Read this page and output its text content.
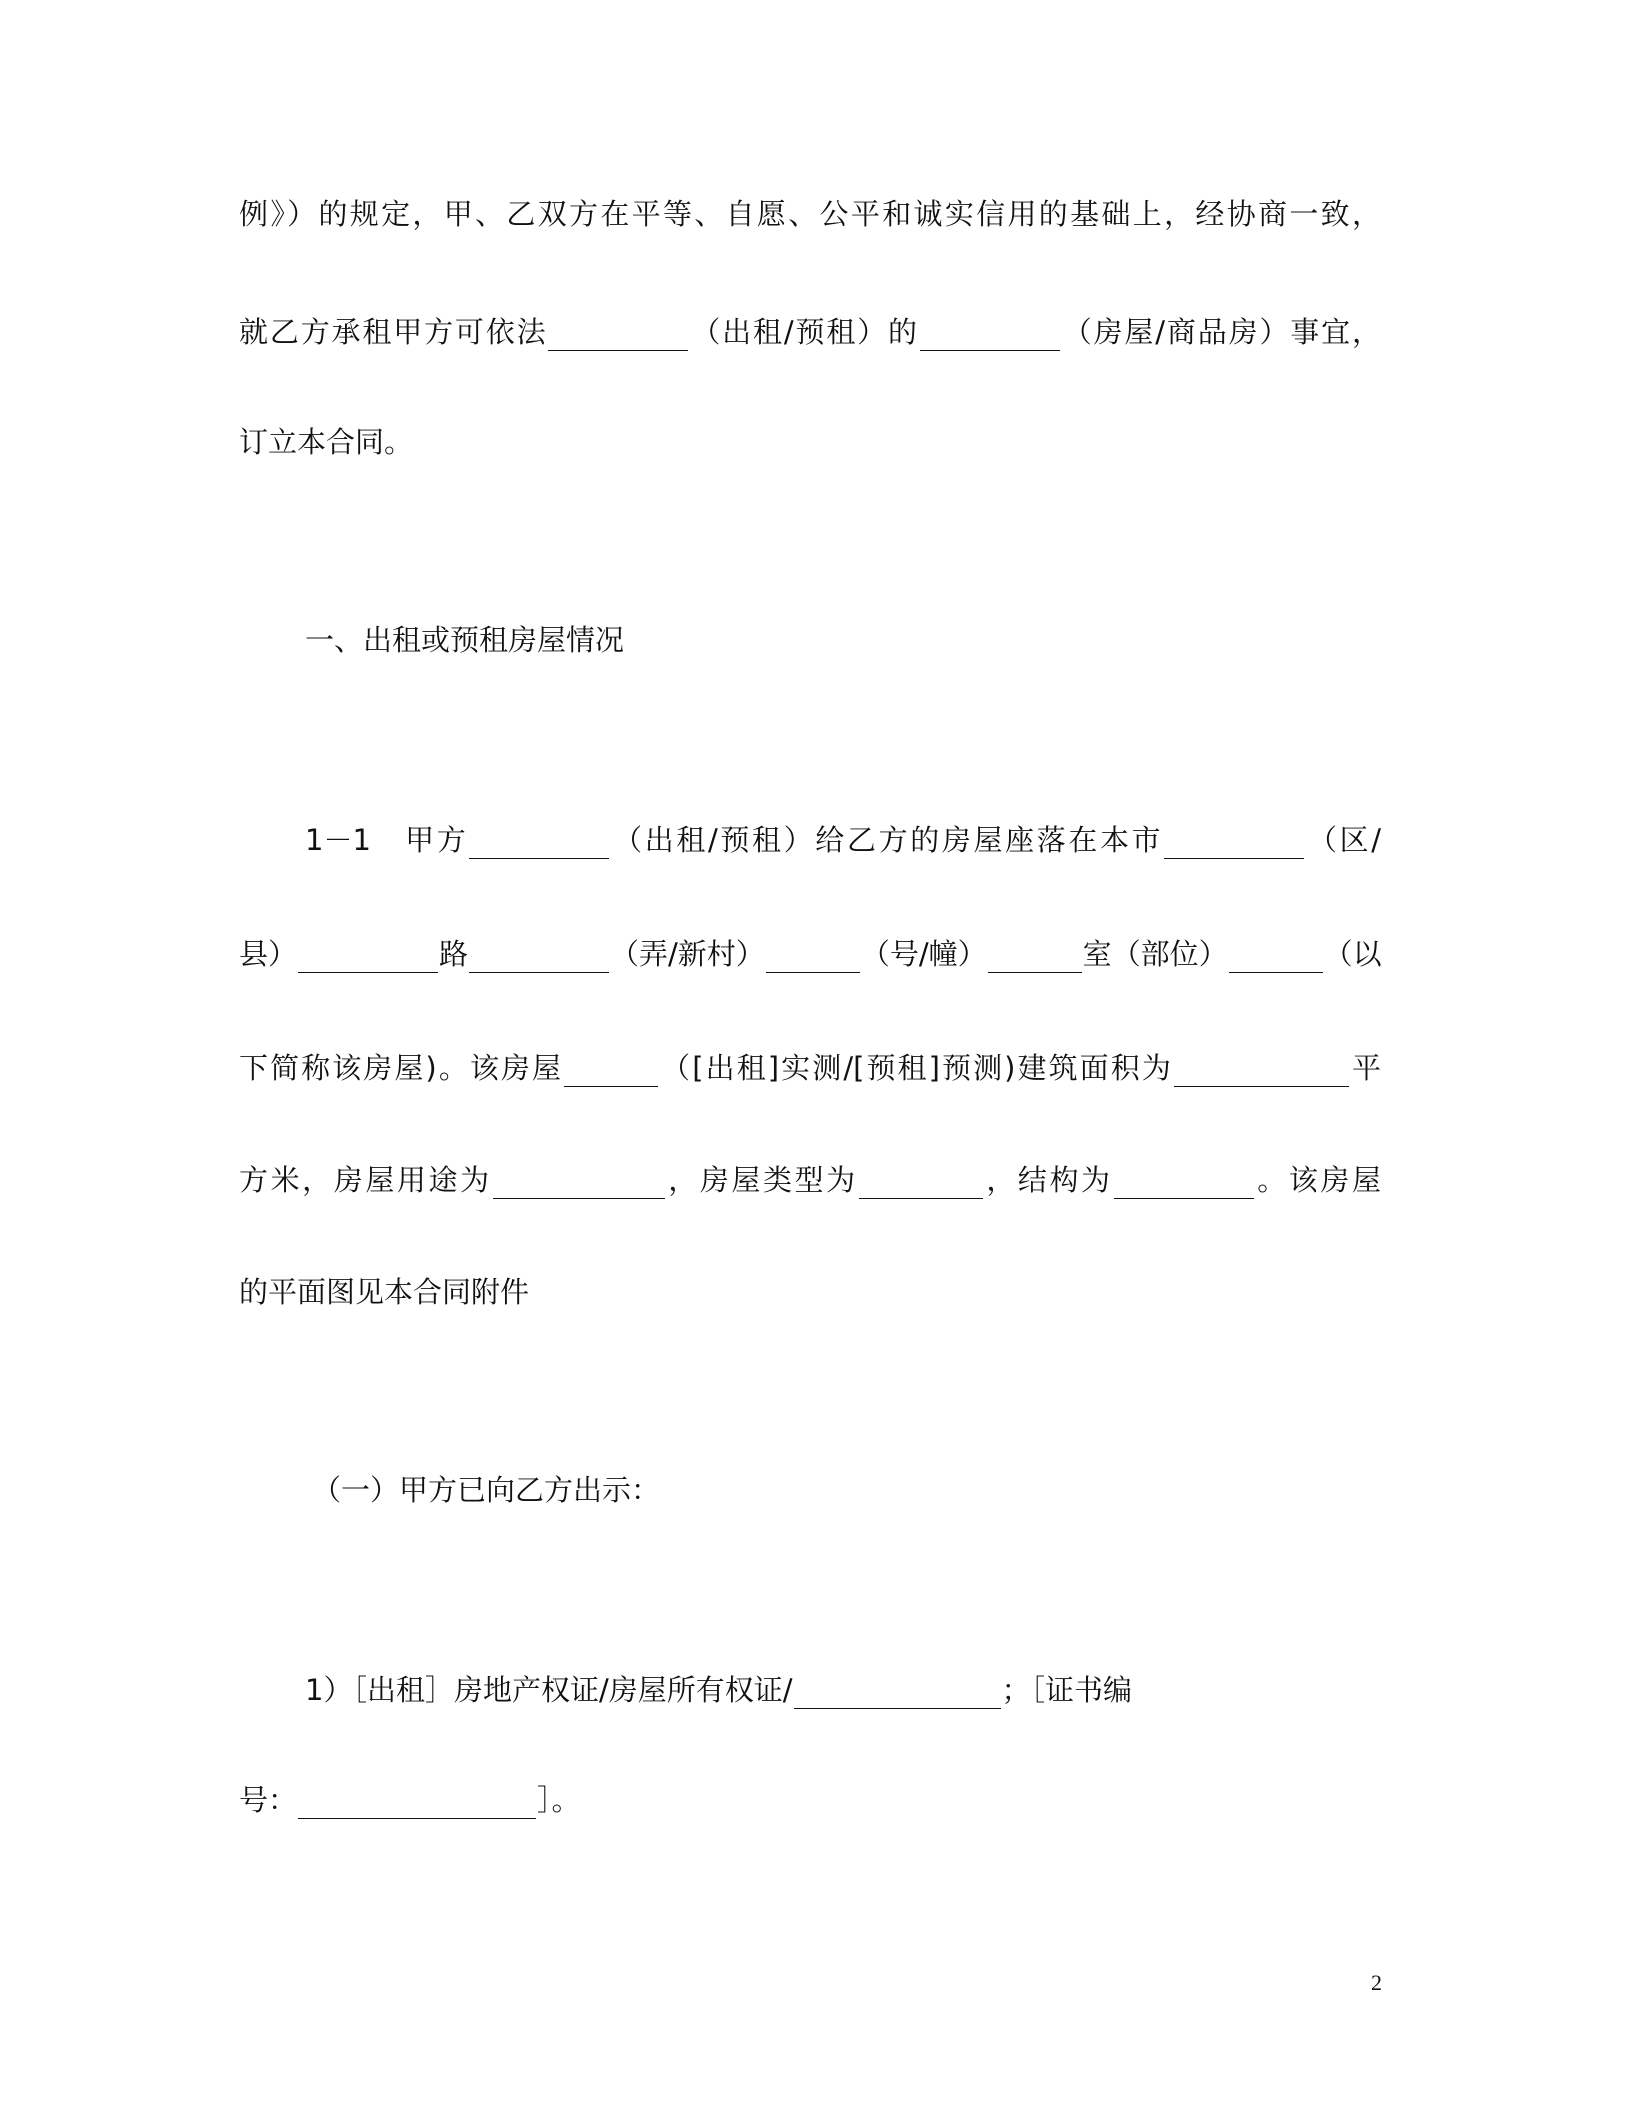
例》）的规定，甲、乙双方在平等、自愿、公平和诚实信用的基础上，经协商一致，
就乙方承租甲方可依法	（出租/预租）的	（房屋/商品房）事宜，
订立本合同。
一、出租或预租房屋情况
1－1　甲方	（出租/预租）给乙方的房屋座落在本市	（区/
县）	路	（弄/新村）	（号/幢）	室（部位）	（以
下简称该房屋)。该房屋	（[出租]实测/[预租]预测)建筑面积为	平
方米，房屋用途为	，房屋类型为	，结构为	。该房屋
的平面图见本合同附件
（一）甲方已向乙方出示：
1）［出租］房地产权证/房屋所有权证/	；［证书编
号：	］。
2
